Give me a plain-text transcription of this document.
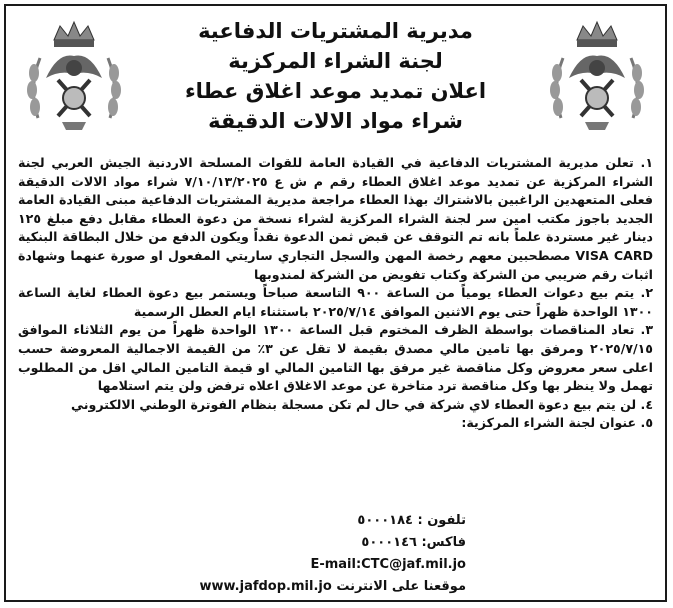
مديرية المشتريات الدفاعية
لجنة الشراء المركزية
اعلان تمديد موعد اغلاق عطاء
شراء مواد الالات الدقيقة

١. تعلن مديرية المشتريات الدفاعية في القيادة العامة للقوات المسلحة الاردنية الجيش العربي لجنة الشراء المركزية عن تمديد موعد اغلاق العطاء رقم م ش ع ٧/١٠/١٣/٢٠٢٥ شراء مواد الالات الدقيقة فعلى المتعهدين الراغبين بالاشتراك بهذا العطاء مراجعة مديرية المشتريات الدفاعية مبنى القيادة العامة الجديد باجوز مكتب امين سر لجنة الشراء المركزية لشراء نسخة من دعوة العطاء مقابل دفع مبلغ ١٢٥ دينار غير مستردة علماً بانه تم التوقف عن قبض ثمن الدعوة نقداً ويكون الدفع من خلال البطاقة البنكية VISA CARD مصطحبين معهم رخصة المهن والسجل التجاري ساريتي المفعول او صورة عنهما وشهادة اثبات رقم ضريبي من الشركة وكتاب تفويض من الشركة لمندوبها

٢. يتم بيع دعوات العطاء يومياً من الساعة ٩٠٠ التاسعة صباحاً ويستمر بيع دعوة العطاء لغاية الساعة ١٣٠٠ الواحدة ظهراً حتى يوم الاثنين الموافق ٢٠٢٥/٧/١٤ باستثناء ايام العطل الرسمية

٣. تعاد المناقصات بواسطة الظرف المختوم قبل الساعة ١٣٠٠ الواحدة ظهراً من يوم الثلاثاء الموافق ٢٠٢٥/٧/١٥ ومرفق بها تامين مالي مصدق بقيمة لا تقل عن ٣٪ من القيمة الاجمالية المعروضة حسب اعلى سعر معروض وكل مناقصة غير مرفق بها التامين المالي او قيمة التامين المالي اقل من المطلوب تهمل ولا ينظر بها وكل مناقصة ترد متاخرة عن موعد الاغلاق اعلاه ترفض ولن يتم استلامها

٤. لن يتم بيع دعوة العطاء لاي شركة في حال لم تكن مسجلة بنظام الفوترة الوطني الالكتروني

٥. عنوان لجنة الشراء المركزية:

تلفون : ٥٠٠٠١٨٤
فاكس: ٥٠٠٠١٤٦
E-mail:CTC@jaf.mil.jo
موقعنا على الانترنت www.jafdop.mil.jo
